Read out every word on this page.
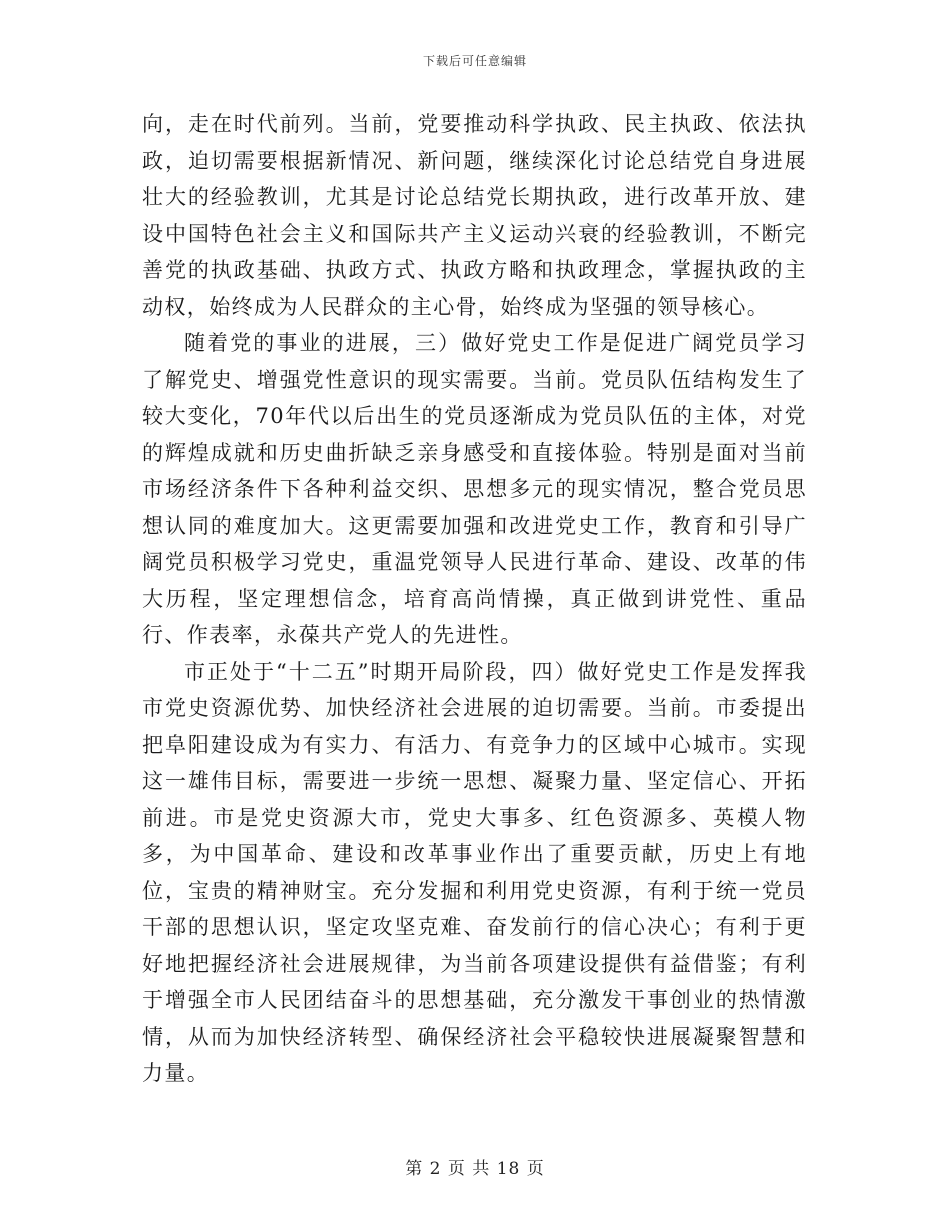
下载后可任意编辑

向，走在时代前列。当前，党要推动科学执政、民主执政、依法执政，迫切需要根据新情况、新问题，继续深化讨论总结党自身进展壮大的经验教训，尤其是讨论总结党长期执政，进行改革开放、建设中国特色社会主义和国际共产主义运动兴衰的经验教训，不断完善党的执政基础、执政方式、执政方略和执政理念，掌握执政的主动权，始终成为人民群众的主心骨，始终成为坚强的领导核心。

随着党的事业的进展，三）做好党史工作是促进广阔党员学习了解党史、增强党性意识的现实需要。当前。党员队伍结构发生了较大变化，70年代以后出生的党员逐渐成为党员队伍的主体，对党的辉煌成就和历史曲折缺乏亲身感受和直接体验。特别是面对当前市场经济条件下各种利益交织、思想多元的现实情况，整合党员思想认同的难度加大。这更需要加强和改进党史工作，教育和引导广阔党员积极学习党史，重温党领导人民进行革命、建设、改革的伟大历程，坚定理想信念，培育高尚情操，真正做到讲党性、重品行、作表率，永葆共产党人的先进性。

市正处于“十二五”时期开局阶段，四）做好党史工作是发挥我市党史资源优势、加快经济社会进展的迫切需要。当前。市委提出把阜阳建设成为有实力、有活力、有竞争力的区域中心城市。实现这一雄伟目标，需要进一步统一思想、凝聚力量、坚定信心、开拓前进。市是党史资源大市，党史大事多、红色资源多、英模人物多，为中国革命、建设和改革事业作出了重要贡献，历史上有地位，宝贵的精神财宝。充分发掘和利用党史资源，有利于统一党员干部的思想认识，坚定攻坚克难、奋发前行的信心决心；有利于更好地把握经济社会进展规律，为当前各项建设提供有益借鉴；有利于增强全市人民团结奋斗的思想基础，充分激发干事创业的热情激情，从而为加快经济转型、确保经济社会平稳较快进展凝聚智慧和力量。

第 2 页 共 18 页
